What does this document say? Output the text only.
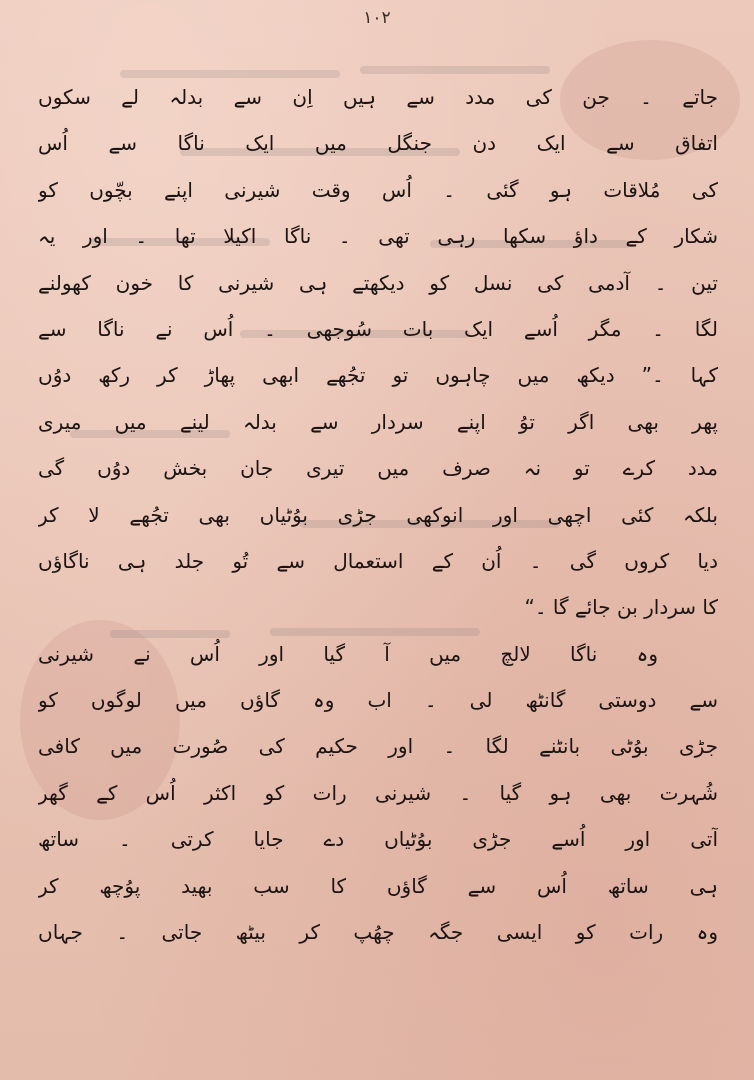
۱۰۲
جاتے ۔ جن کی مدد سے ہیں اِن سے بدلہ لے سکوں
اتفاق سے ایک دن جنگل میں ایک ناگا سے اُس
کی مُلاقات ہو گئی ۔ اُس وقت شیرنی اپنے بچّوں کو
شکار کے داؤ سکھا رہی تھی ۔ ناگا اکیلا تھا ۔ اور یہ
تین ۔ آدمی کی نسل کو دیکھتے ہی شیرنی کا خون کھولنے
لگا ۔ مگر اُسے ایک بات سُوجھی ۔ اُس نے ناگا سے
کہا ۔” دیکھ میں چاہوں تو تجُھے ابھی پھاڑ کر رکھ دوُں
پھر بھی اگر توُ اپنے سردار سے بدلہ لینے میں میری
مدد کرے تو نہ صرف میں تیری جان بخش دوُں گی
بلکہ کئی اچھی اور انوکھی جڑی بوُٹیاں بھی تجُھے لا کر
دیا کروں گی ۔ اُن کے استعمال سے تُو جلد ہی ناگاؤں
کا سردار بن جائے گا ۔“
وہ ناگا لالچ میں آ گیا اور اُس نے شیرنی
سے دوستی گانٹھ لی ۔ اب وہ گاؤں میں لوگوں کو
جڑی بوُٹی بانٹنے لگا ۔ اور حکیم کی صُورت میں کافی
شُہرت بھی ہو گیا ۔ شیرنی رات کو اکثر اُس کے گھر
آتی اور اُسے جڑی بوُٹیاں دے جایا کرتی ۔ ساتھ
ہی ساتھ اُس سے گاؤں کا سب بھید پوُچھ کر
وہ رات کو ایسی جگہ چھُپ کر بیٹھ جاتی ۔ جہاں
